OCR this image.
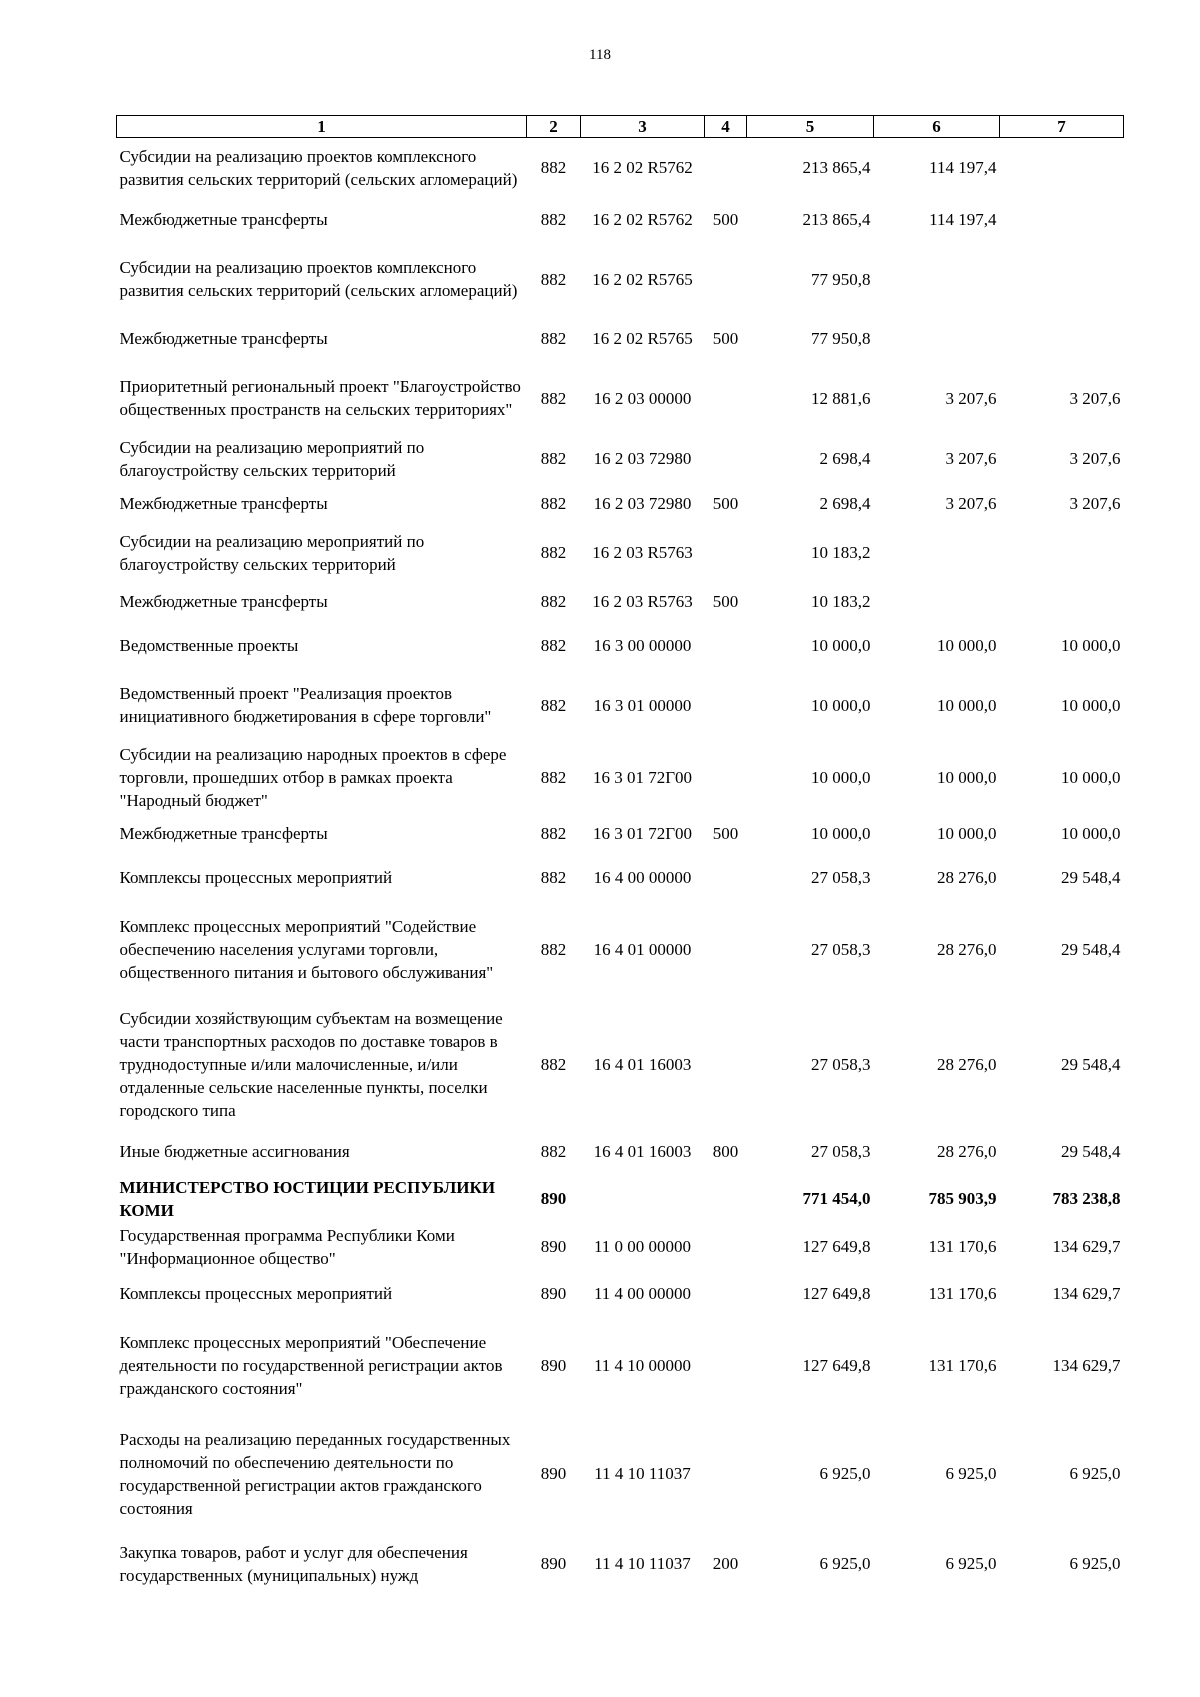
118
1	2	3	4	5	6	7
Субсидии на реализацию проектов комплексного развития сельских территорий (сельских агломераций)	882	16 2 02 R5762		213 865,4	114 197,4	
Межбюджетные трансферты	882	16 2 02 R5762	500	213 865,4	114 197,4	
Субсидии на реализацию проектов комплексного развития сельских территорий (сельских агломераций)	882	16 2 02 R5765		77 950,8		
Межбюджетные трансферты	882	16 2 02 R5765	500	77 950,8		
Приоритетный региональный проект "Благоустройство общественных пространств на сельских территориях"	882	16 2 03 00000		12 881,6	3 207,6	3 207,6
Субсидии на реализацию мероприятий по благоустройству сельских территорий	882	16 2 03 72980		2 698,4	3 207,6	3 207,6
Межбюджетные трансферты	882	16 2 03 72980	500	2 698,4	3 207,6	3 207,6
Субсидии на реализацию мероприятий по благоустройству сельских территорий	882	16 2 03 R5763		10 183,2		
Межбюджетные трансферты	882	16 2 03 R5763	500	10 183,2		
Ведомственные проекты	882	16 3 00 00000		10 000,0	10 000,0	10 000,0
Ведомственный проект "Реализация проектов инициативного бюджетирования в сфере торговли"	882	16 3 01 00000		10 000,0	10 000,0	10 000,0
Субсидии на реализацию народных проектов в сфере торговли, прошедших отбор в рамках проекта "Народный бюджет"	882	16 3 01 72Г00		10 000,0	10 000,0	10 000,0
Межбюджетные трансферты	882	16 3 01 72Г00	500	10 000,0	10 000,0	10 000,0
Комплексы процессных мероприятий	882	16 4 00 00000		27 058,3	28 276,0	29 548,4
Комплекс процессных мероприятий "Содействие обеспечению населения услугами торговли, общественного питания и бытового обслуживания"	882	16 4 01 00000		27 058,3	28 276,0	29 548,4
Субсидии хозяйствующим субъектам на возмещение части транспортных расходов по доставке товаров в труднодоступные и/или малочисленные, и/или отдаленные сельские населенные пункты, поселки городского типа	882	16 4 01 16003		27 058,3	28 276,0	29 548,4
Иные бюджетные ассигнования	882	16 4 01 16003	800	27 058,3	28 276,0	29 548,4
МИНИСТЕРСТВО ЮСТИЦИИ РЕСПУБЛИКИ КОМИ	890			771 454,0	785 903,9	783 238,8
Государственная программа Республики Коми "Информационное общество"	890	11 0 00 00000		127 649,8	131 170,6	134 629,7
Комплексы процессных мероприятий	890	11 4 00 00000		127 649,8	131 170,6	134 629,7
Комплекс процессных мероприятий "Обеспечение деятельности по государственной регистрации актов гражданского состояния"	890	11 4 10 00000		127 649,8	131 170,6	134 629,7
Расходы на реализацию переданных государственных полномочий по обеспечению деятельности по государственной регистрации актов гражданского состояния	890	11 4 10 11037		6 925,0	6 925,0	6 925,0
Закупка товаров, работ и услуг для обеспечения государственных (муниципальных) нужд	890	11 4 10 11037	200	6 925,0	6 925,0	6 925,0
